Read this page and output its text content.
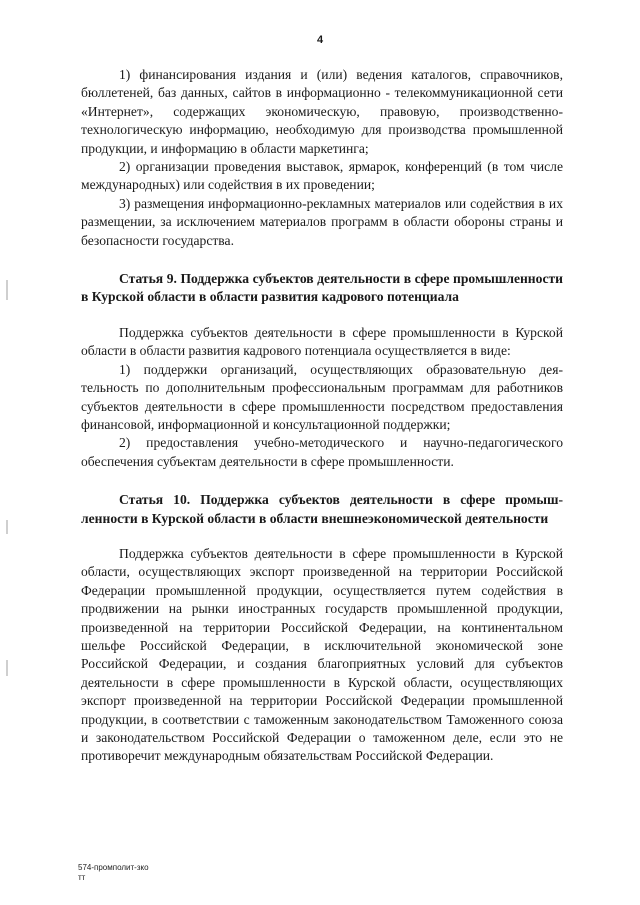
4

1) финансирования издания и (или) ведения каталогов, справочников, бюллетеней, баз данных, сайтов в информационно - телекоммуникационной сети «Интернет», содержащих экономическую, правовую, производственно-технологическую информацию, необходимую для производства промышленной продукции, и информацию в области маркетинга;

2) организации проведения выставок, ярмарок, конференций (в том числе международных) или содействия в их проведении;

3) размещения информационно-рекламных материалов или содействия в их размещении, за исключением материалов программ в области обороны страны и безопасности государства.

Статья 9. Поддержка субъектов деятельности в сфере промышленности в Курской области в области развития кадрового потенциала

Поддержка субъектов деятельности в сфере промышленности в Курской области в области развития кадрового потенциала осуществляется в виде:

1) поддержки организаций, осуществляющих образовательную деятельность по дополнительным профессиональным программам для работников субъектов деятельности в сфере промышленности посредством предоставления финансовой, информационной и консультационной поддержки;

2) предоставления учебно-методического и научно-педагогического обеспечения субъектам деятельности в сфере промышленности.

Статья 10. Поддержка субъектов деятельности в сфере промышленности в Курской области в области внешнеэкономической деятельности

Поддержка субъектов деятельности в сфере промышленности в Курской области, осуществляющих экспорт произведенной на территории Российской Федерации промышленной продукции, осуществляется путем содействия в продвижении на рынки иностранных государств промышленной продукции, произведенной на территории Российской Федерации, на континентальном шельфе Российской Федерации, в исключительной экономической зоне Российской Федерации, и создания благоприятных условий для субъектов деятельности в сфере промышленности в Курской области, осуществляющих экспорт произведенной на территории Российской Федерации промышленной продукции, в соответствии с таможенным законодательством Таможенного союза и законодательством Российской Федерации о таможенном деле, если это не противоречит международным обязательствам Российской Федерации.

574-промполит-зко
тт
